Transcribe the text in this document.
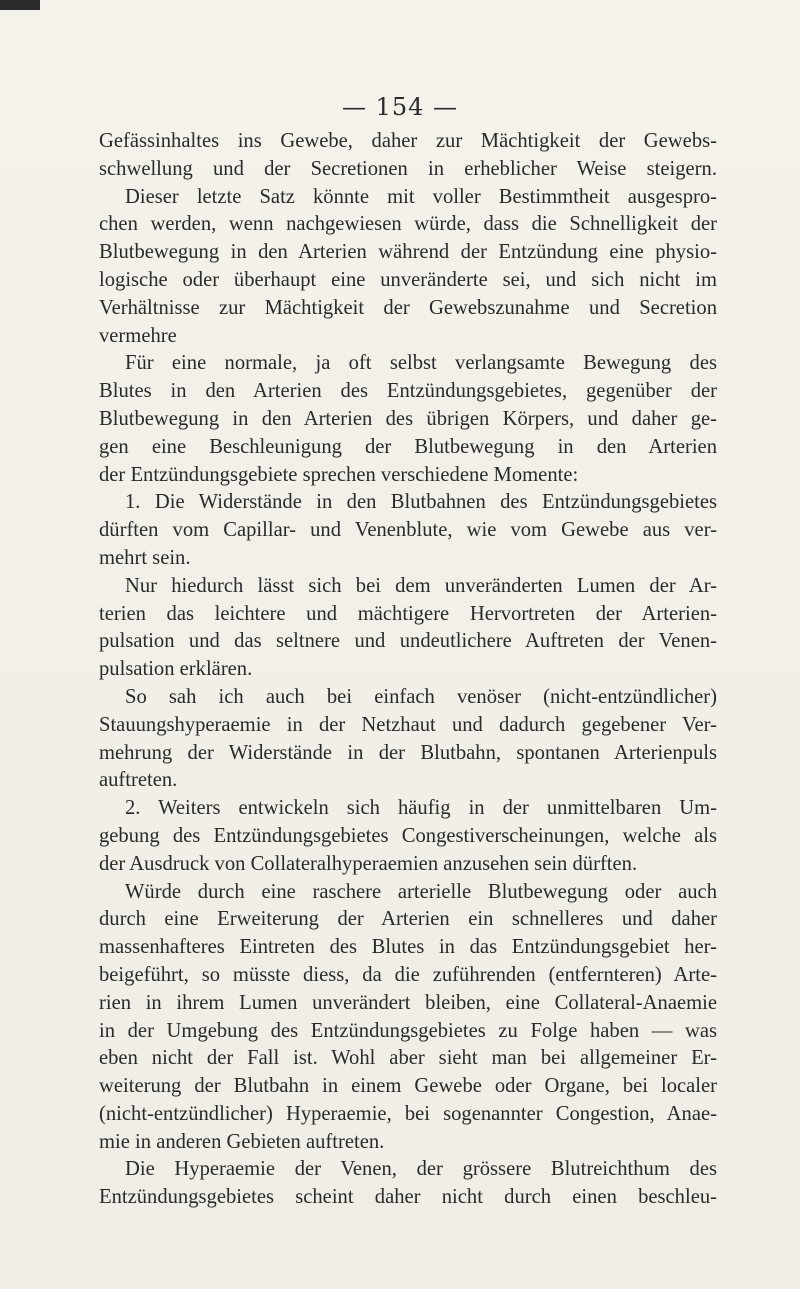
— 154 —
Gefässinhaltes ins Gewebe, daher zur Mächtigkeit der Gewebs-
schwellung und der Secretionen in erheblicher Weise steigern.
Dieser letzte Satz könnte mit voller Bestimmtheit ausgespro-
chen werden, wenn nachgewiesen würde, dass die Schnelligkeit der
Blutbewegung in den Arterien während der Entzündung eine physio-
logische oder überhaupt eine unveränderte sei, und sich nicht im
Verhältnisse zur Mächtigkeit der Gewebszunahme und Secretion
vermehre
Für eine normale, ja oft selbst verlangsamte Bewegung des
Blutes in den Arterien des Entzündungsgebietes, gegenüber der
Blutbewegung in den Arterien des übrigen Körpers, und daher ge-
gen eine Beschleunigung der Blutbewegung in den Arterien
der Entzündungsgebiete sprechen verschiedene Momente:
1. Die Widerstände in den Blutbahnen des Entzündungsgebietes
dürften vom Capillar- und Venenblute, wie vom Gewebe aus ver-
mehrt sein.
Nur hiedurch lässt sich bei dem unveränderten Lumen der Ar-
terien das leichtere und mächtigere Hervortreten der Arterien-
pulsation und das seltnere und undeutlichere Auftreten der Venen-
pulsation erklären.
So sah ich auch bei einfach venöser (nicht-entzündlicher)
Stauungshyperaemie in der Netzhaut und dadurch gegebener Ver-
mehrung der Widerstände in der Blutbahn, spontanen Arterienpuls
auftreten.
2. Weiters entwickeln sich häufig in der unmittelbaren Um-
gebung des Entzündungsgebietes Congestiverscheinungen, welche als
der Ausdruck von Collateralhyperaemien anzusehen sein dürften.
Würde durch eine raschere arterielle Blutbewegung oder auch
durch eine Erweiterung der Arterien ein schnelleres und daher
massenhafteres Eintreten des Blutes in das Entzündungsgebiet her-
beigeführt, so müsste diess, da die zuführenden (entfernteren) Arte-
rien in ihrem Lumen unverändert bleiben, eine Collateral-Anaemie
in der Umgebung des Entzündungsgebietes zu Folge haben — was
eben nicht der Fall ist. Wohl aber sieht man bei allgemeiner Er-
weiterung der Blutbahn in einem Gewebe oder Organe, bei localer
(nicht-entzündlicher) Hyperaemie, bei sogenannter Congestion, Anae-
mie in anderen Gebieten auftreten.
Die Hyperaemie der Venen, der grössere Blutreichthum des
Entzündungsgebietes scheint daher nicht durch einen beschleu-
